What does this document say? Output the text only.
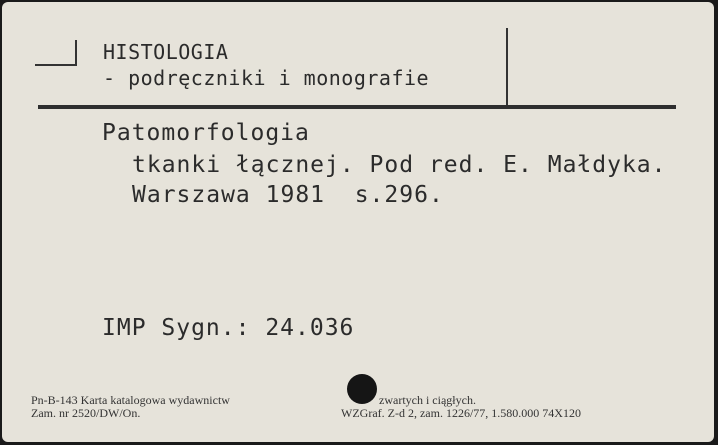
HISTOLOGIA
- podręczniki i monografie
Patomorfologia
tkanki łącznej. Pod red. E. Małdyka.
Warszawa 1981  s.296.
IMP Sygn.: 24.036
Pn-B-143 Karta katalogowa wydawnictw	zwartych i ciągłych.
Zam. nr 2520/DW/On.	WZGraf. Z-d 2, zam. 1226/77, 1.580.000 74X120
